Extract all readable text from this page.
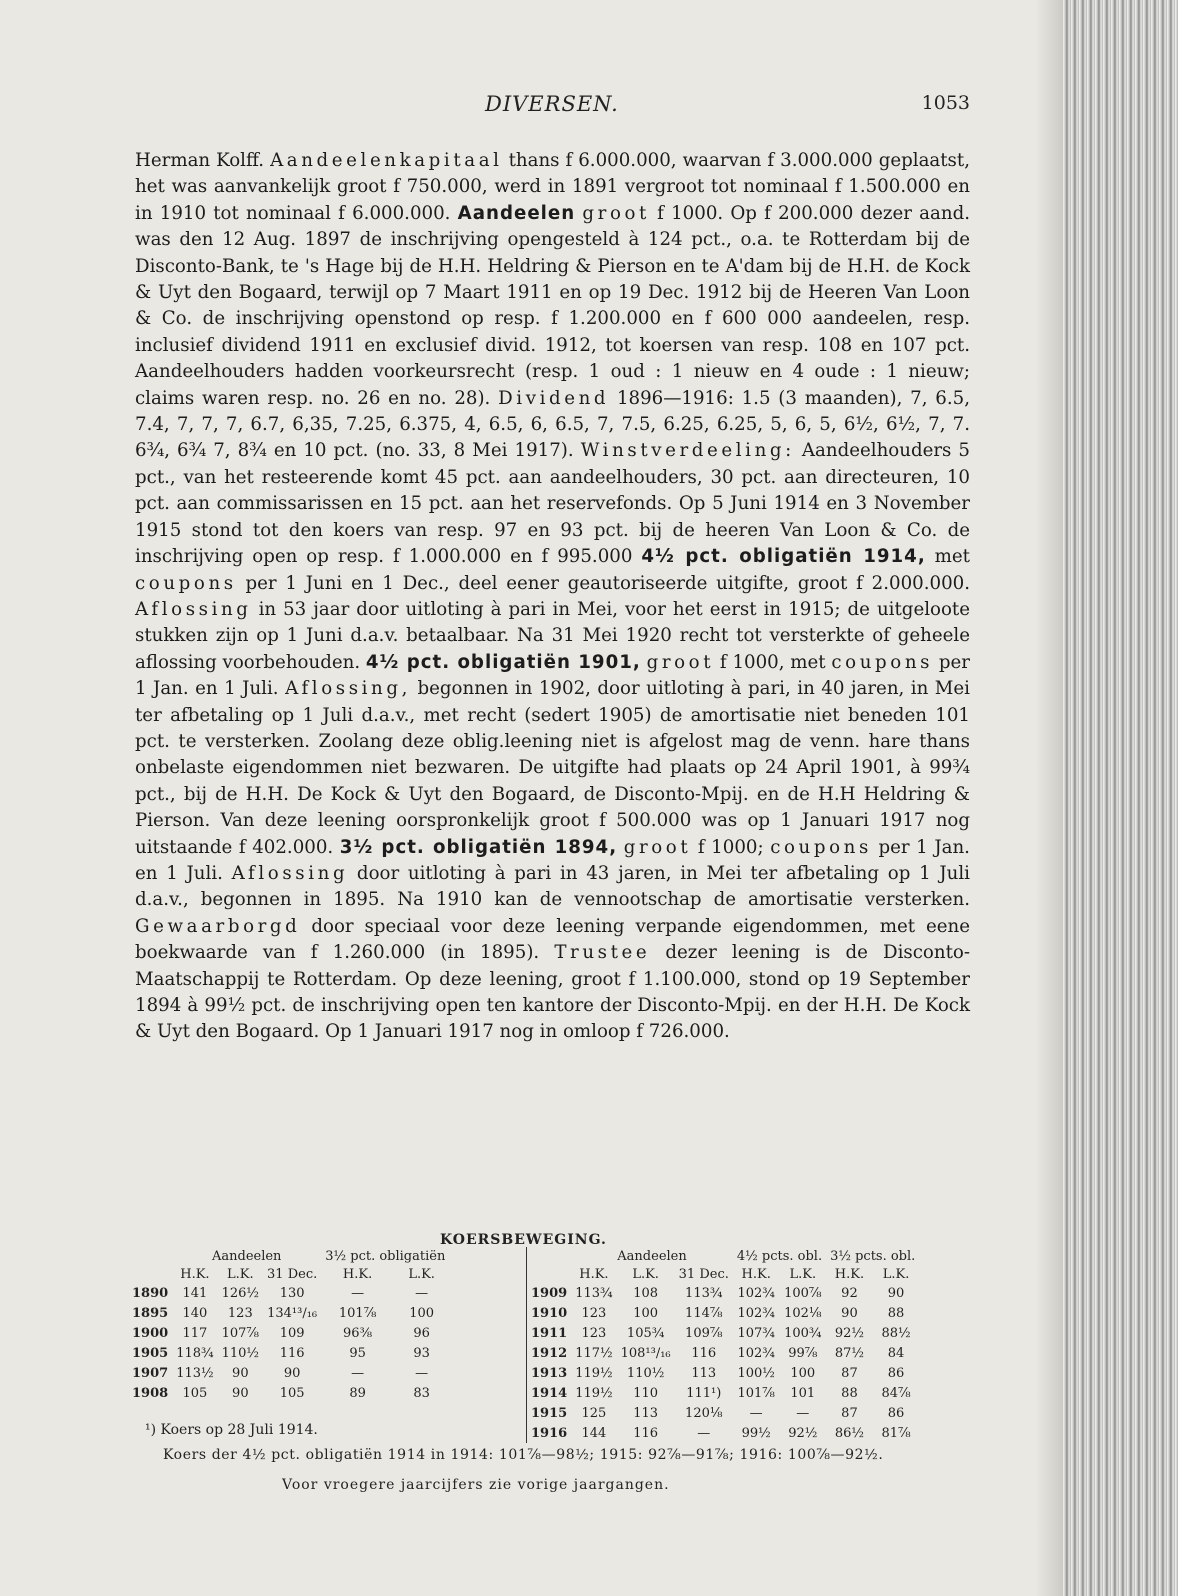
DIVERSEN.	1053

Herman Kolff. Aandeelenkapitaal thans f 6.000.000, waarvan f 3.000.000 geplaatst, het was aanvankelijk groot f 750.000, werd in 1891 vergroot tot nominaal f 1.500.000 en in 1910 tot nominaal f 6.000.000. Aandeelen groot f 1000. Op f 200.000 dezer aand. was den 12 Aug. 1897 de inschrijving opengesteld à 124 pct., o.a. te Rotterdam bij de Disconto-Bank, te 's Hage bij de H.H. Heldring & Pierson en te A'dam bij de H.H. de Kock & Uyt den Bogaard, terwijl op 7 Maart 1911 en op 19 Dec. 1912 bij de Heeren Van Loon & Co. de inschrijving openstond op resp. f 1.200.000 en f 600 000 aandeelen, resp. inclusief dividend 1911 en exclusief divid. 1912, tot koersen van resp. 108 en 107 pct. Aandeelhouders hadden voorkeursrecht (resp. 1 oud : 1 nieuw en 4 oude : 1 nieuw; claims waren resp. no. 26 en no. 28). Dividend 1896—1916: 1.5 (3 maanden), 7, 6.5, 7.4, 7, 7, 7, 6.7, 6,35, 7.25, 6.375, 4, 6.5, 6, 6.5, 7, 7.5, 6.25, 6.25, 5, 6, 5, 6½, 6½, 7, 7. 6¾, 6¾ 7, 8¾ en 10 pct. (no. 33, 8 Mei 1917). Winstverdeeling: Aandeelhouders 5 pct., van het resteerende komt 45 pct. aan aandeelhouders, 30 pct. aan directeuren, 10 pct. aan commissarissen en 15 pct. aan het reservefonds. Op 5 Juni 1914 en 3 November 1915 stond tot den koers van resp. 97 en 93 pct. bij de heeren Van Loon & Co. de inschrijving open op resp. f 1.000.000 en f 995.000 4½ pct. obligatiën 1914, met coupons per 1 Juni en 1 Dec., deel eener geautoriseerde uitgifte, groot f 2.000.000. Aflossing in 53 jaar door uitloting à pari in Mei, voor het eerst in 1915; de uitgeloote stukken zijn op 1 Juni d.a.v. betaalbaar. Na 31 Mei 1920 recht tot versterkte of geheele aflossing voorbehouden. 4½ pct. obligatiën 1901, groot f 1000, met coupons per 1 Jan. en 1 Juli. Aflossing, begonnen in 1902, door uitloting à pari, in 40 jaren, in Mei ter afbetaling op 1 Juli d.a.v., met recht (sedert 1905) de amortisatie niet beneden 101 pct. te versterken. Zoolang deze oblig.leening niet is afgelost mag de venn. hare thans onbelaste eigendommen niet bezwaren. De uitgifte had plaats op 24 April 1901, à 99¾ pct., bij de H.H. De Kock & Uyt den Bogaard, de Disconto-Mpij. en de H.H Heldring & Pierson. Van deze leening oorspronkelijk groot f 500.000 was op 1 Januari 1917 nog uitstaande f 402.000. 3½ pct. obligatiën 1894, groot f 1000; coupons per 1 Jan. en 1 Juli. Aflossing door uitloting à pari in 43 jaren, in Mei ter afbetaling op 1 Juli d.a.v., begonnen in 1895. Na 1910 kan de vennootschap de amortisatie versterken. Gewaarborgd door speciaal voor deze leening verpande eigendommen, met eene boekwaarde van f 1.260.000 (in 1895). Trustee dezer leening is de Disconto-Maatschappij te Rotterdam. Op deze leening, groot f 1.100.000, stond op 19 September 1894 à 99½ pct. de inschrijving open ten kantore der Disconto-Mpij. en der H.H. De Kock & Uyt den Bogaard. Op 1 Januari 1917 nog in omloop f 726.000.

KOERSBEWEGING.
	Aandeelen			3½ pct. obligatiën	
	H.K.	L.K.	31 Dec.	H.K.	L.K.
1890	141	126½	130	—	—
1895	140	123	134¹³/₁₆	101⅞	100
1900	117	107⅞	109	96⅜	96
1905	118¾	110½	116	95	93
1907	113½	90	90	—	—
1908	105	90	105	89	83
	Aandeelen			4½ pcts. obl.		3½ pcts. obl.	
	H.K.	L.K.	31 Dec.	H.K.	L.K.	H.K.	L.K.
1909	113¾	108	113¾	102¾	100⅞	92	90
1910	123	100	114⅞	102¾	102⅛	90	88
1911	123	105¾	109⅞	107¾	100¾	92½	88½
1912	117½	108¹³/₁₆	116	102¾	99⅞	87½	84
1913	119½	110½	113	100½	100	87	86
1914	119½	110	111¹)	101⅞	101	88	84⅞
1915	125	113	120⅛	—	—	87	86
1916	144	116	—	99½	92½	86½	81⅞
¹) Koers op 28 Juli 1914.
Koers der 4½ pct. obligatiën 1914 in 1914: 101⅞—98½; 1915: 92⅞—91⅞; 1916: 100⅞—92½.
Voor vroegere jaarcijfers zie vorige jaargangen.
